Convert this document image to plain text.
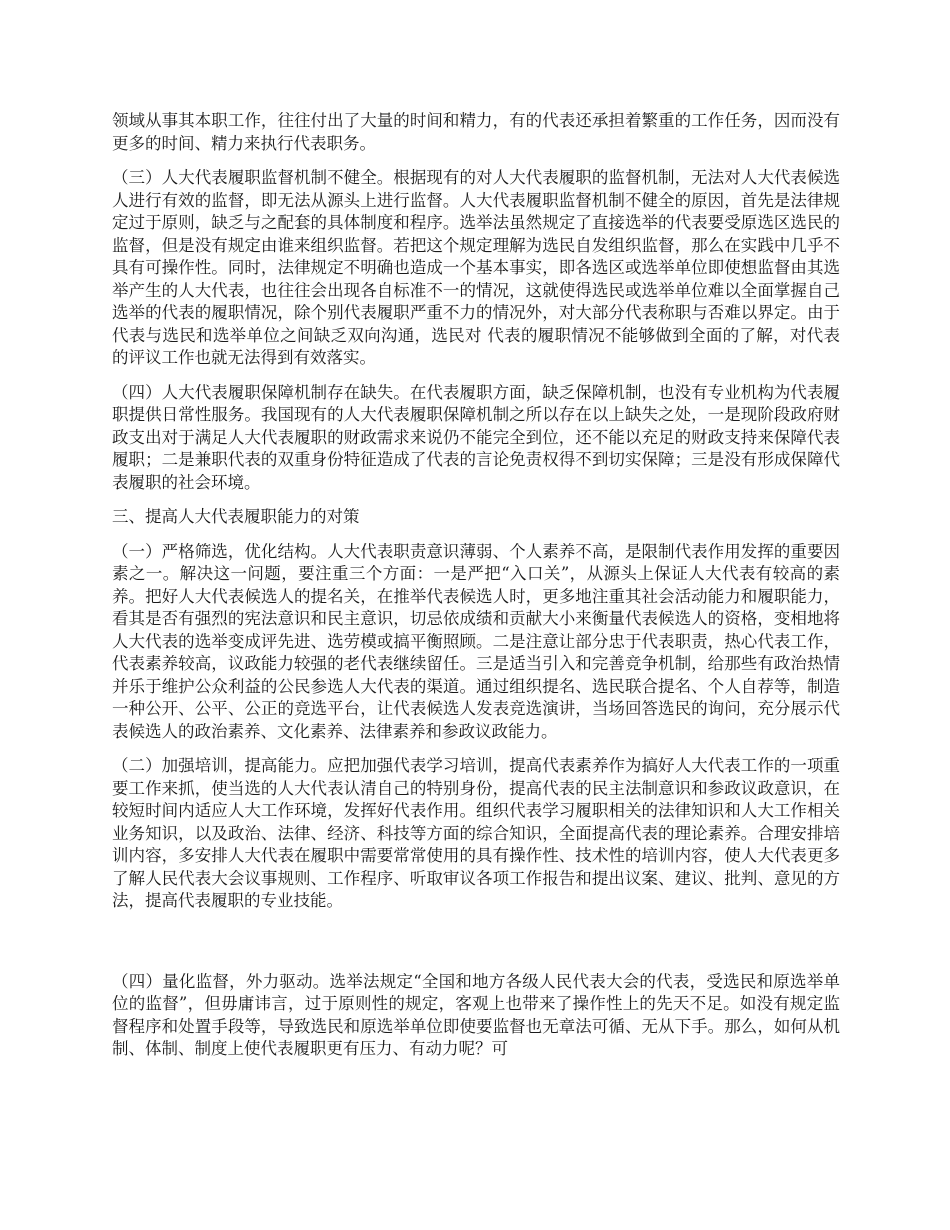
领域从事其本职工作，往往付出了大量的时间和精力，有的代表还承担着繁重的工作任务，因而没有更多的时间、精力来执行代表职务。

（三）人大代表履职监督机制不健全。根据现有的对人大代表履职的监督机制，无法对人大代表候选人进行有效的监督，即无法从源头上进行监督。人大代表履职监督机制不健全的原因，首先是法律规定过于原则，缺乏与之配套的具体制度和程序。选举法虽然规定了直接选举的代表要受原选区选民的监督，但是没有规定由谁来组织监督。若把这个规定理解为选民自发组织监督，那么在实践中几乎不具有可操作性。同时，法律规定不明确也造成一个基本事实，即各选区或选举单位即使想监督由其选举产生的人大代表，也往往会出现各自标准不一的情况，这就使得选民或选举单位难以全面掌握自己选举的代表的履职情况，除个别代表履职严重不力的情况外，对大部分代表称职与否难以界定。由于代表与选民和选举单位之间缺乏双向沟通，选民对 代表的履职情况不能够做到全面的了解，对代表的评议工作也就无法得到有效落实。

（四）人大代表履职保障机制存在缺失。在代表履职方面，缺乏保障机制，也没有专业机构为代表履职提供日常性服务。我国现有的人大代表履职保障机制之所以存在以上缺失之处，一是现阶段政府财政支出对于满足人大代表履职的财政需求来说仍不能完全到位，还不能以充足的财政支持来保障代表履职；二是兼职代表的双重身份特征造成了代表的言论免责权得不到切实保障；三是没有形成保障代表履职的社会环境。

三、提高人大代表履职能力的对策

（一）严格筛选，优化结构。人大代表职责意识薄弱、个人素养不高，是限制代表作用发挥的重要因素之一。解决这一问题，要注重三个方面：一是严把“入口关”，从源头上保证人大代表有较高的素养。把好人大代表候选人的提名关，在推举代表候选人时，更多地注重其社会活动能力和履职能力，看其是否有强烈的宪法意识和民主意识，切忌依成绩和贡献大小来衡量代表候选人的资格，变相地将人大代表的选举变成评先进、选劳模或搞平衡照顾。二是注意让部分忠于代表职责，热心代表工作，代表素养较高，议政能力较强的老代表继续留任。三是适当引入和完善竞争机制，给那些有政治热情并乐于维护公众利益的公民参选人大代表的渠道。通过组织提名、选民联合提名、个人自荐等，制造一种公开、公平、公正的竞选平台，让代表候选人发表竞选演讲，当场回答选民的询问，充分展示代表候选人的政治素养、文化素养、法律素养和参政议政能力。

（二）加强培训，提高能力。应把加强代表学习培训，提高代表素养作为搞好人大代表工作的一项重要工作来抓，使当选的人大代表认清自己的特别身份，提高代表的民主法制意识和参政议政意识，在较短时间内适应人大工作环境，发挥好代表作用。组织代表学习履职相关的法律知识和人大工作相关业务知识，以及政治、法律、经济、科技等方面的综合知识，全面提高代表的理论素养。合理安排培训内容，多安排人大代表在履职中需要常常使用的具有操作性、技术性的培训内容，使人大代表更多了解人民代表大会议事规则、工作程序、听取审议各项工作报告和提出议案、建议、批判、意见的方法，提高代表履职的专业技能。

（四）量化监督，外力驱动。选举法规定“全国和地方各级人民代表大会的代表，受选民和原选举单位的监督”，但毋庸讳言，过于原则性的规定，客观上也带来了操作性上的先天不足。如没有规定监督程序和处置手段等，导致选民和原选举单位即使要监督也无章法可循、无从下手。那么，如何从机制、体制、制度上使代表履职更有压力、有动力呢？可
